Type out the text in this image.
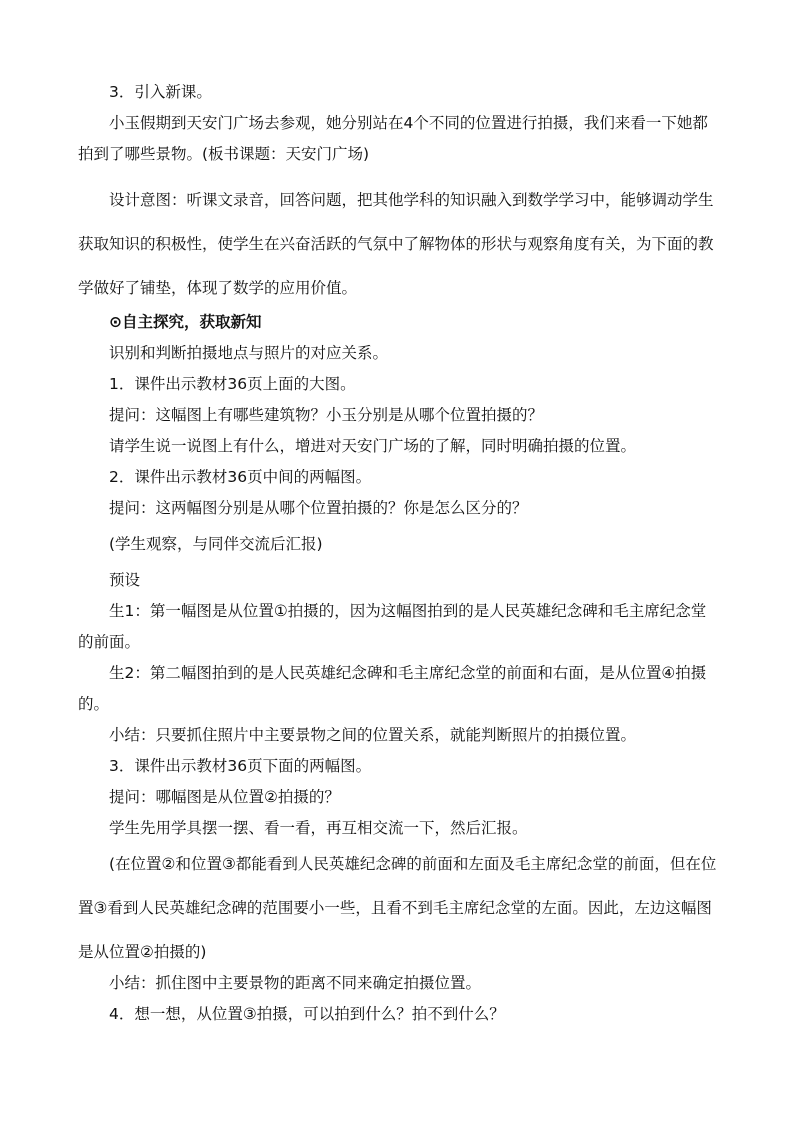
3．引入新课。

小玉假期到天安门广场去参观，她分别站在4个不同的位置进行拍摄，我们来看一下她都拍到了哪些景物。(板书课题：天安门广场)

设计意图：听课文录音，回答问题，把其他学科的知识融入到数学学习中，能够调动学生获取知识的积极性，使学生在兴奋活跃的气氛中了解物体的形状与观察角度有关，为下面的教学做好了铺垫，体现了数学的应用价值。

⊙自主探究，获取新知

识别和判断拍摄地点与照片的对应关系。

1．课件出示教材36页上面的大图。

提问：这幅图上有哪些建筑物？小玉分别是从哪个位置拍摄的？

请学生说一说图上有什么，增进对天安门广场的了解，同时明确拍摄的位置。

2．课件出示教材36页中间的两幅图。

提问：这两幅图分别是从哪个位置拍摄的？你是怎么区分的？

(学生观察，与同伴交流后汇报)

预设

生1：第一幅图是从位置①拍摄的，因为这幅图拍到的是人民英雄纪念碑和毛主席纪念堂的前面。

生2：第二幅图拍到的是人民英雄纪念碑和毛主席纪念堂的前面和右面，是从位置④拍摄的。

小结：只要抓住照片中主要景物之间的位置关系，就能判断照片的拍摄位置。

3．课件出示教材36页下面的两幅图。

提问：哪幅图是从位置②拍摄的？

学生先用学具摆一摆、看一看，再互相交流一下，然后汇报。

(在位置②和位置③都能看到人民英雄纪念碑的前面和左面及毛主席纪念堂的前面，但在位置③看到人民英雄纪念碑的范围要小一些，且看不到毛主席纪念堂的左面。因此，左边这幅图是从位置②拍摄的)

小结：抓住图中主要景物的距离不同来确定拍摄位置。

4．想一想，从位置③拍摄，可以拍到什么？拍不到什么？
